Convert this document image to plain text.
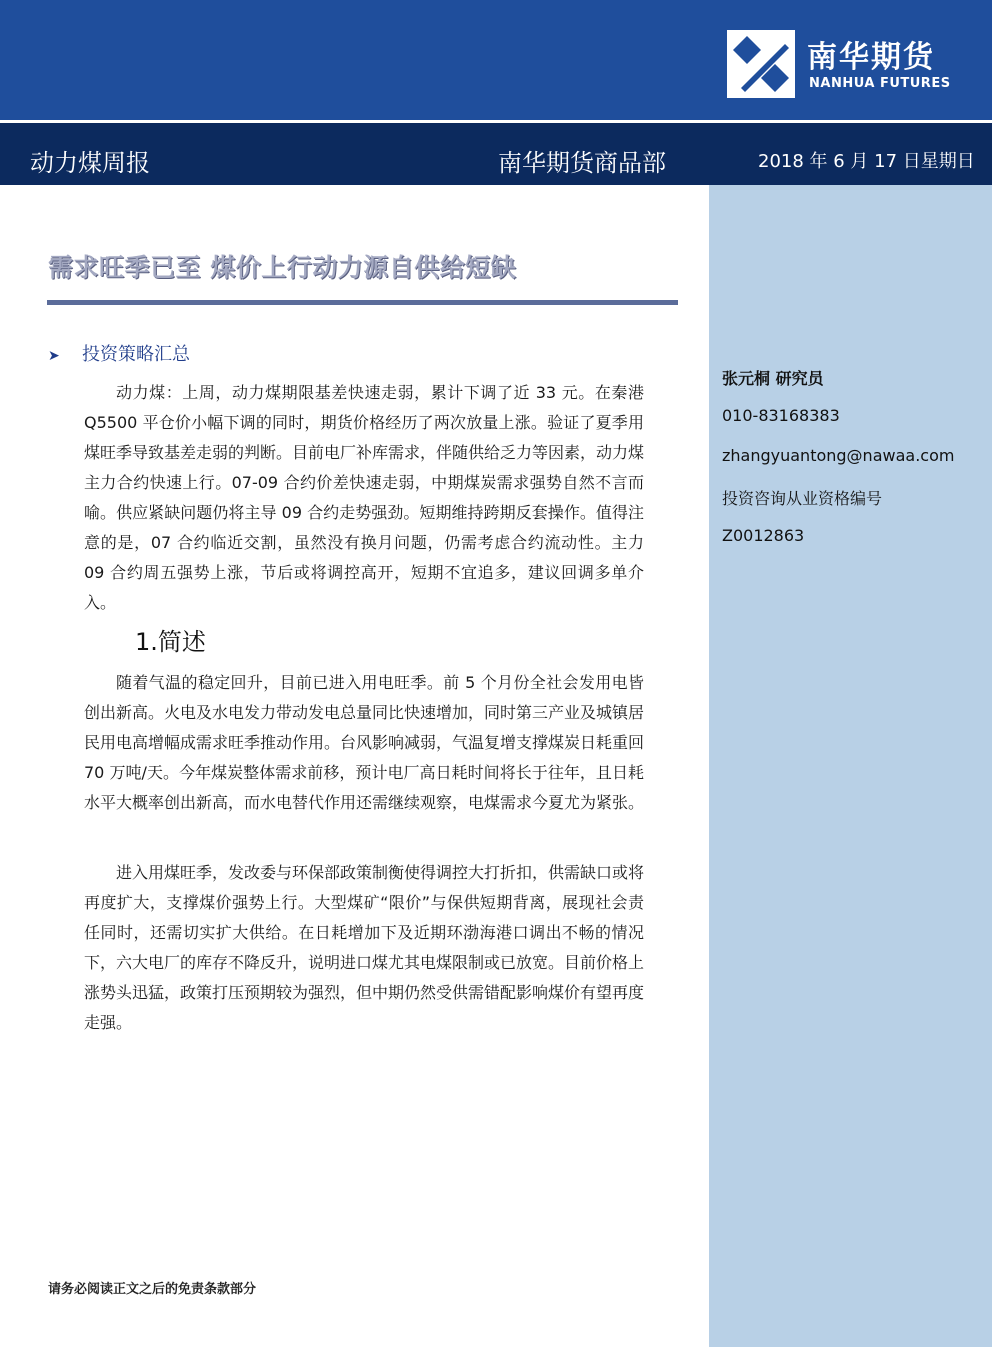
南华期货
NANHUA FUTURES
动力煤周报	南华期货商品部	2018 年 6 月 17 日星期日
需求旺季已至 煤价上行动力源自供给短缺
➤ 投资策略汇总

动力煤：上周，动力煤期限基差快速走弱，累计下调了近 33 元。在秦港 Q5500 平仓价小幅下调的同时，期货价格经历了两次放量上涨。验证了夏季用煤旺季导致基差走弱的判断。目前电厂补库需求，伴随供给乏力等因素，动力煤主力合约快速上行。07-09 合约价差快速走弱，中期煤炭需求强势自然不言而喻。供应紧缺问题仍将主导 09 合约走势强劲。短期维持跨期反套操作。值得注意的是，07 合约临近交割，虽然没有换月问题，仍需考虑合约流动性。主力 09 合约周五强势上涨，节后或将调控高开，短期不宜追多，建议回调多单介入。

1.简述

随着气温的稳定回升，目前已进入用电旺季。前 5 个月份全社会发用电皆创出新高。火电及水电发力带动发电总量同比快速增加，同时第三产业及城镇居民用电高增幅成需求旺季推动作用。台风影响减弱，气温复增支撑煤炭日耗重回 70 万吨/天。今年煤炭整体需求前移，预计电厂高日耗时间将长于往年，且日耗水平大概率创出新高，而水电替代作用还需继续观察，电煤需求今夏尤为紧张。

进入用煤旺季，发改委与环保部政策制衡使得调控大打折扣，供需缺口或将再度扩大，支撑煤价强势上行。大型煤矿“限价”与保供短期背离，展现社会责任同时，还需切实扩大供给。在日耗增加下及近期环渤海港口调出不畅的情况下，六大电厂的库存不降反升，说明进口煤尤其电煤限制或已放宽。目前价格上涨势头迅猛，政策打压预期较为强烈，但中期仍然受供需错配影响煤价有望再度走强。

张元桐 研究员
010-83168383
zhangyuantong@nawaa.com
投资咨询从业资格编号
Z0012863
请务必阅读正文之后的免责条款部分
